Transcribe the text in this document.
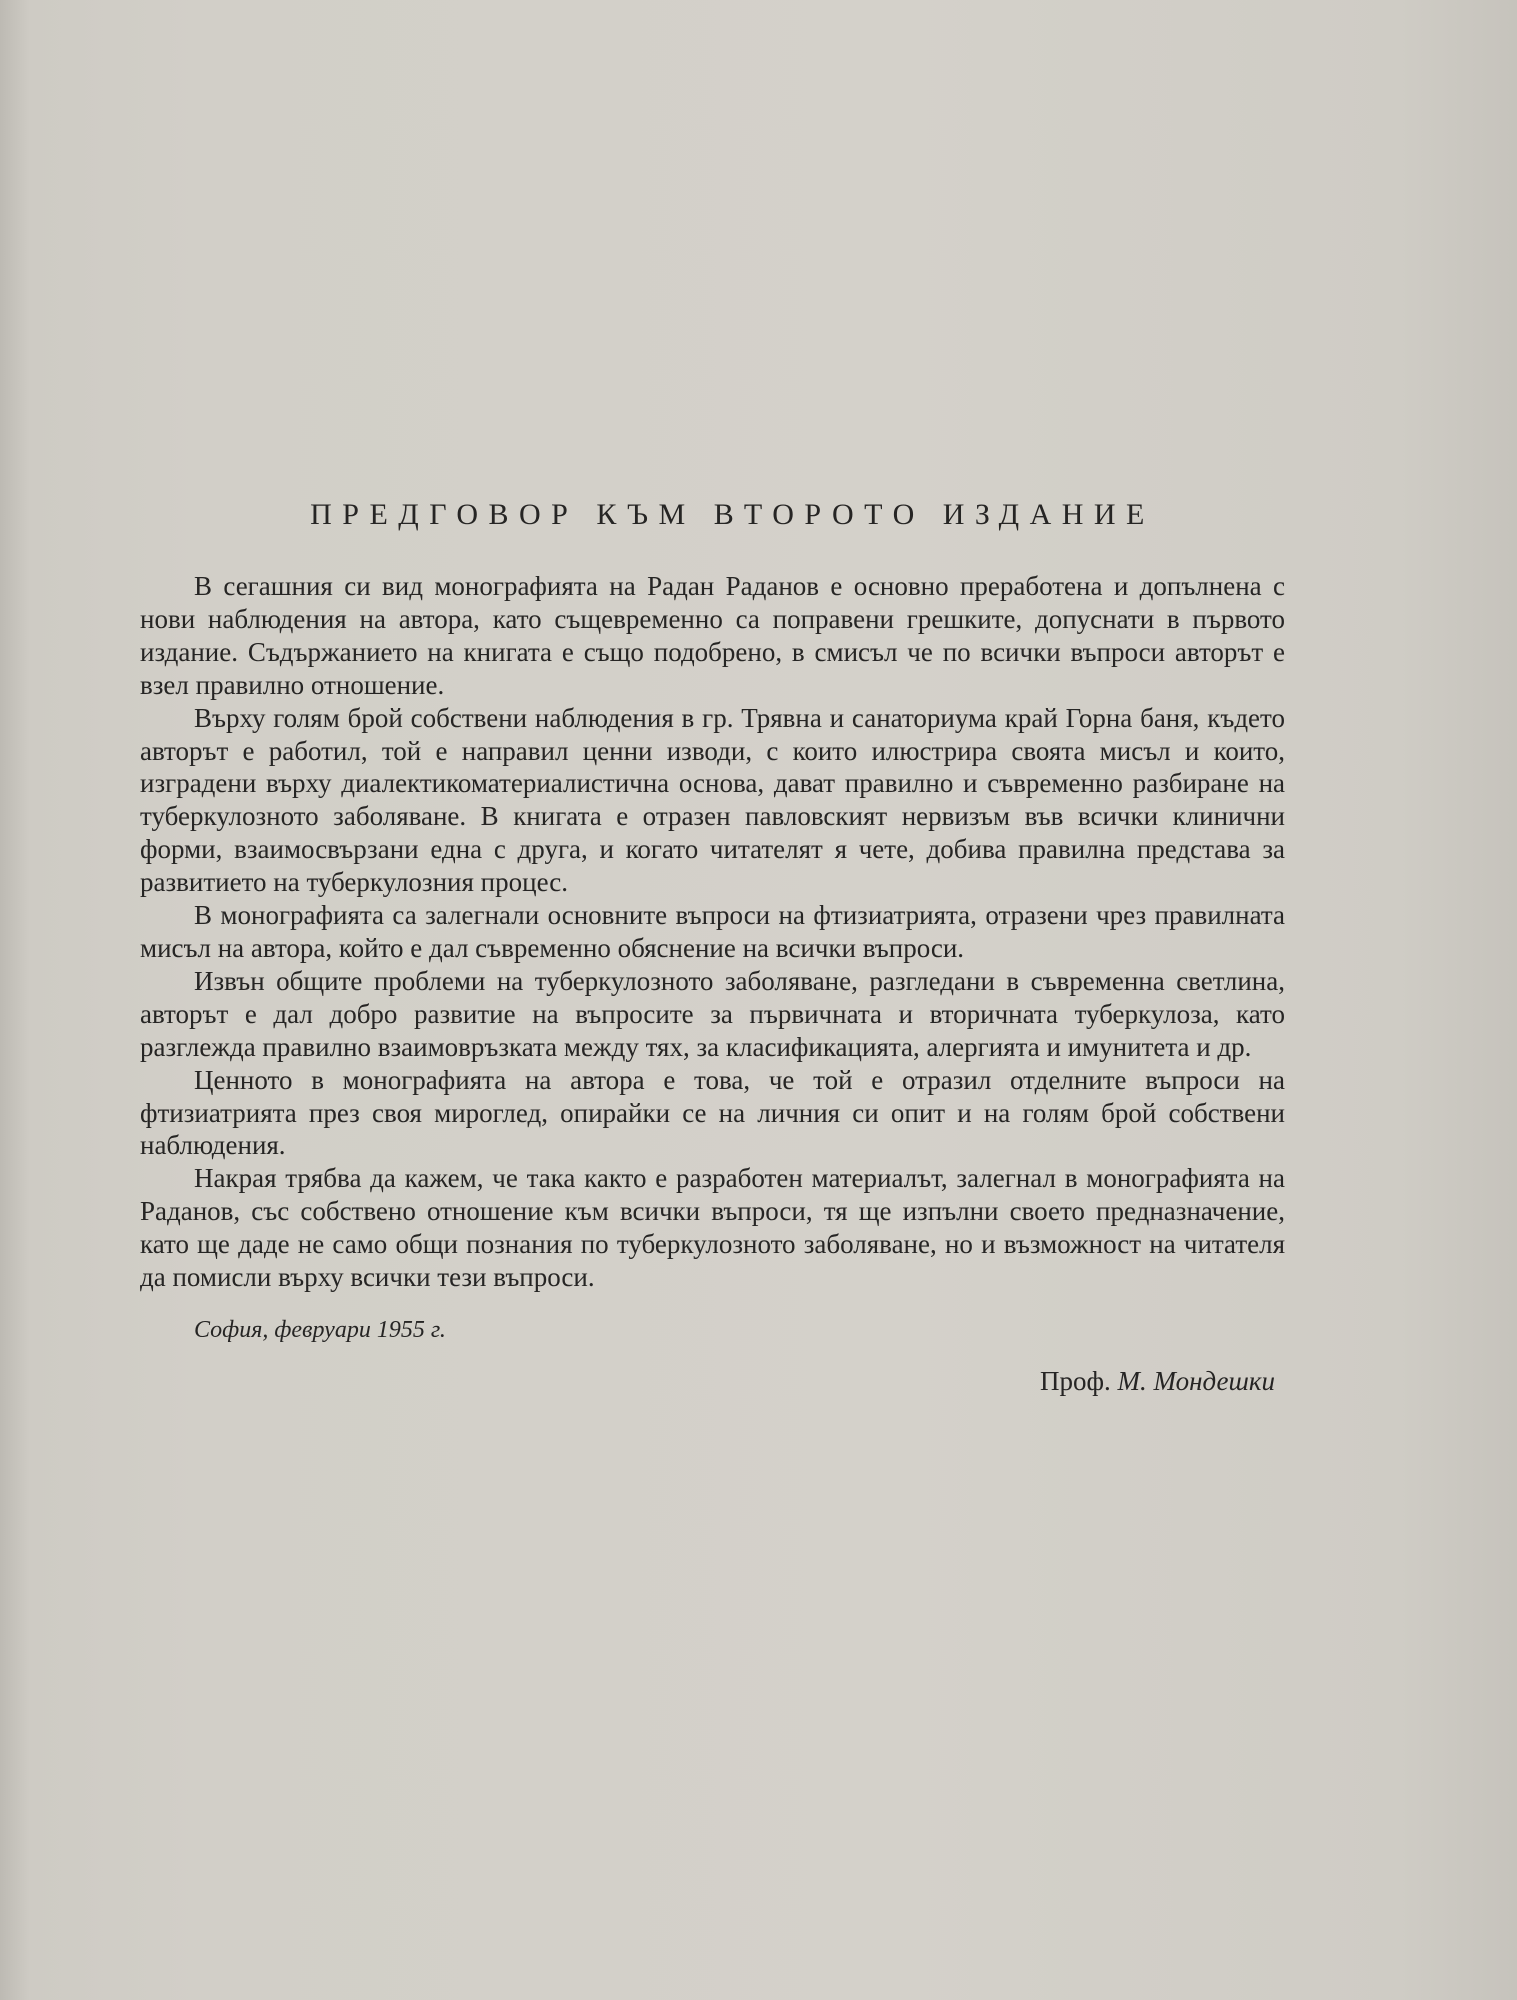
ПРЕДГОВОР КЪМ ВТОРОТО ИЗДАНИЕ

В сегашния си вид монографията на Радан Раданов е основно преработена и допълнена с нови наблюдения на автора, като същевременно са поправени грешките, допуснати в първото издание. Съдържанието на книгата е също подобрено, в смисъл че по всички въпроси авторът е взел правилно отношение.

Върху голям брой собствени наблюдения в гр. Трявна и санаториума край Горна баня, където авторът е работил, той е направил ценни изводи, с които илюстрира своята мисъл и които, изградени върху диалектикоматериалистична основа, дават правилно и съвременно разбиране на туберкулозното заболяване. В книгата е отразен павловският нервизъм във всички клинични форми, взаимосвързани една с друга, и когато читателят я чете, добива правилна представа за развитието на туберкулозния процес.

В монографията са залегнали основните въпроси на фтизиатрията, отразени чрез правилната мисъл на автора, който е дал съвременно обяснение на всички въпроси.

Извън общите проблеми на туберкулозното заболяване, разгледани в съвременна светлина, авторът е дал добро развитие на въпросите за първичната и вторичната туберкулоза, като разглежда правилно взаимовръзката между тях, за класификацията, алергията и имунитета и др.

Ценното в монографията на автора е това, че той е отразил отделните въпроси на фтизиатрията през своя мироглед, опирайки се на личния си опит и на голям брой собствени наблюдения.

Накрая трябва да кажем, че така както е разработен материалът, залегнал в монографията на Раданов, със собствено отношение към всички въпроси, тя ще изпълни своето предназначение, като ще даде не само общи познания по туберкулозното заболяване, но и възможност на читателя да помисли върху всички тези въпроси.

София, февруари 1955 г.
Проф. М. Мондешки
